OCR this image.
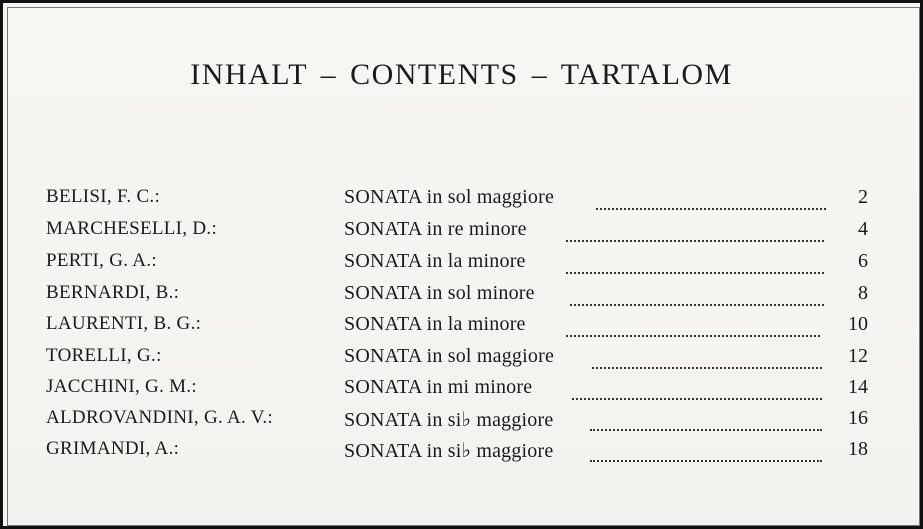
INHALT – CONTENTS – TARTALOM
BELISI, F. C.:	SONATA in sol maggiore	2
MARCHESELLI, D.:	SONATA in re minore	4
PERTI, G. A.:	SONATA in la minore	6
BERNARDI, B.:	SONATA in sol minore	8
LAURENTI, B. G.:	SONATA in la minore	10
TORELLI, G.:	SONATA in sol maggiore	12
JACCHINI, G. M.:	SONATA in mi minore	14
ALDROVANDINI, G. A. V.:	SONATA in si♭ maggiore	16
GRIMANDI, A.:	SONATA in si♭ maggiore	18
